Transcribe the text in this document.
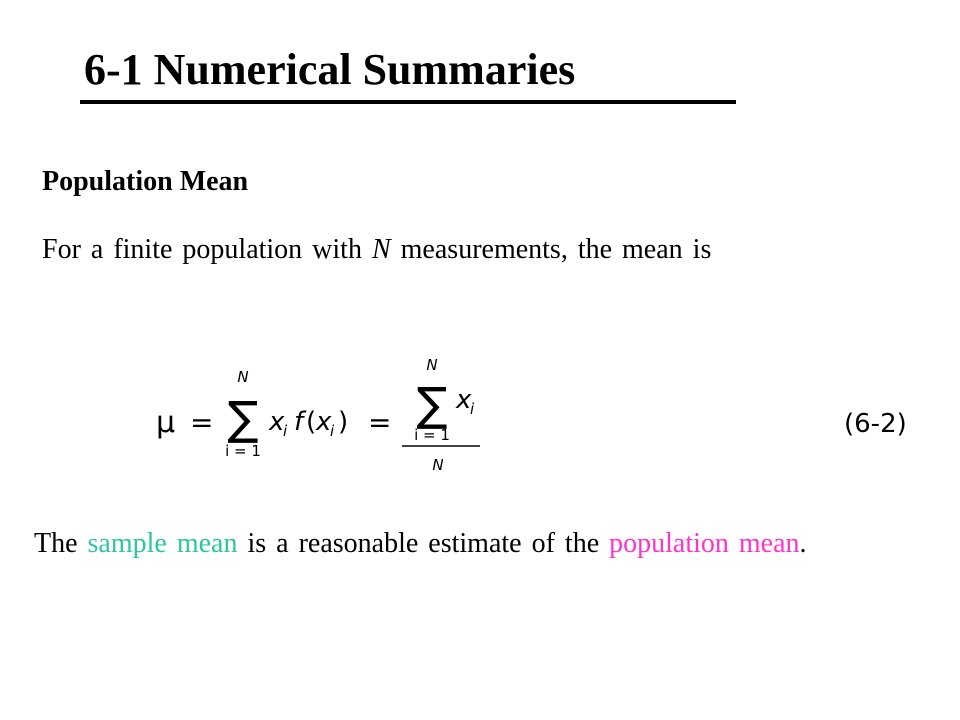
6-1 Numerical Summaries
Population Mean

For a finite population with N measurements, the mean is

μ =
N
∑
i = 1
x
i f ( x
i ) =
N
∑
i = 1
x
i
N
(6-2)

The sample mean is a reasonable estimate of the population mean.
